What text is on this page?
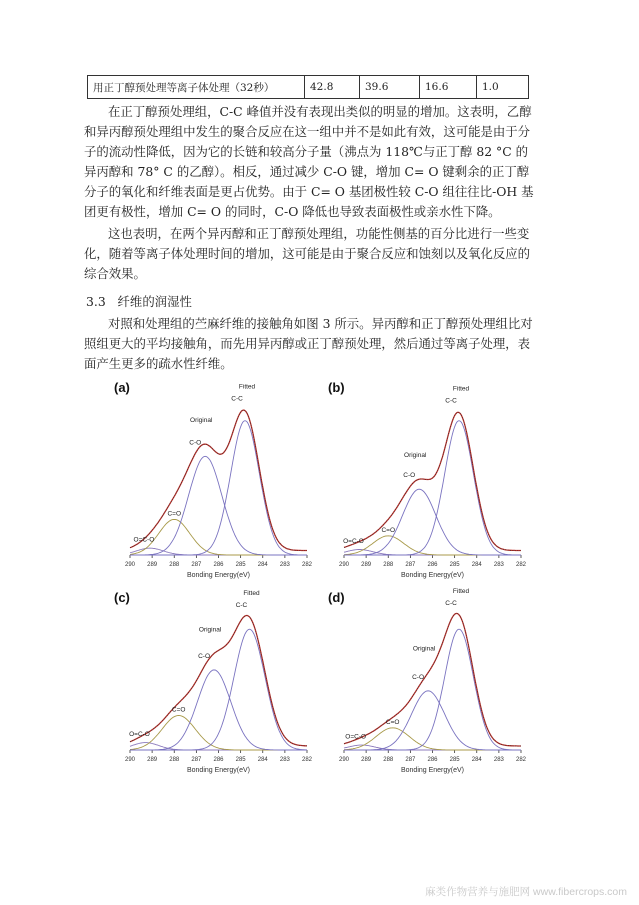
用正丁醇预处理等离子体处理（32秒）	42.8	39.6	16.6	1.0

在正丁醇预处理组，C-C 峰值并没有表现出类似的明显的增加。这表明，乙醇和异丙醇预处理组中发生的聚合反应在这一组中并不是如此有效，这可能是由于分子的流动性降低，因为它的长链和较高分子量（沸点为 118℃与正丁醇 82 °C 的异丙醇和 78° C 的乙醇）。相反，通过减少 C-O 键，增加 C= O 键剩余的正丁醇分子的氧化和纤维表面是更占优势。由于 C= O 基团极性较 C-O 组往往比-OH 基团更有极性，增加 C= O 的同时，C-O 降低也导致表面极性或亲水性下降。

这也表明，在两个异丙醇和正丁醇预处理组，功能性侧基的百分比进行一些变化，随着等离子体处理时间的增加，这可能是由于聚合反应和蚀刻以及氧化反应的综合效果。

3.3 纤维的润湿性

对照和处理组的苎麻纤维的接触角如图 3 所示。异丙醇和正丁醇预处理组比对照组更大的平均接触角，而先用异丙醇或正丁醇预处理，然后通过等离子处理，表面产生更多的疏水性纤维。

(a)
290 289 288 287 286 285 284 283 282
Bonding Energy(eV)
O=C-O
C=O
C-O
Original
C-C
Fitted	(b)
290 289 288 287 286 285 284 283 282
Bonding Energy(eV)
O=C-O
C=O
C-O
Original
C-C
Fitted
(c)
290 289 288 287 286 285 284 283 282
Bonding Energy(eV)
O=C-O
C=O
C-O
Original
C-C
Fitted	(d)
290 289 288 287 286 285 284 283 282
Bonding Energy(eV)
O=C-O
C=O
C-O
Original
C-C
Fitted
麻类作物营养与施肥网 www.fibercrops.com
